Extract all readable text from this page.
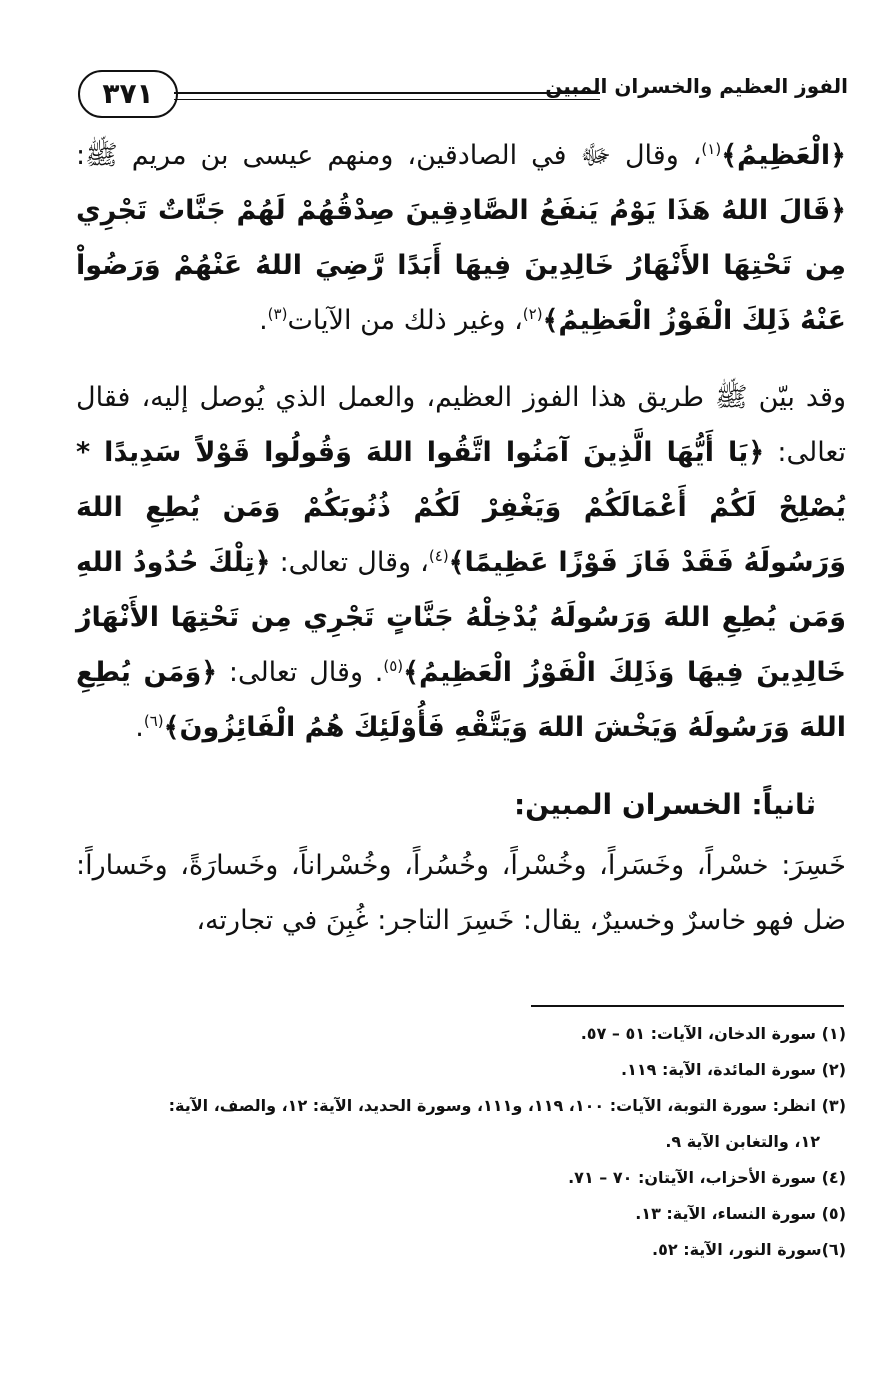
الفوز العظيم والخسران المبين
٣٧١

﴿الْعَظِيمُ﴾$^{(١)}$، وقال ﷻ في الصادقين، ومنهم عيسى بن مريم ﷺ: ﴿قَالَ اللهُ هَذَا يَوْمُ يَنفَعُ الصَّادِقِينَ صِدْقُهُمْ لَهُمْ جَنَّاتٌ تَجْرِي مِن تَحْتِهَا الأَنْهَارُ خَالِدِينَ فِيهَا أَبَدًا رَّضِيَ اللهُ عَنْهُمْ وَرَضُواْ عَنْهُ ذَلِكَ الْفَوْزُ الْعَظِيمُ﴾$^{(٢)}$، وغير ذلك من الآيات$^{(٣)}$.

وقد بيّن ﷺ طريق هذا الفوز العظيم، والعمل الذي يُوصل إليه، فقال تعالى: ﴿يَا أَيُّهَا الَّذِينَ آمَنُوا اتَّقُوا اللهَ وَقُولُوا قَوْلاً سَدِيدًا * يُصْلِحْ لَكُمْ أَعْمَالَكُمْ وَيَغْفِرْ لَكُمْ ذُنُوبَكُمْ وَمَن يُطِعِ اللهَ وَرَسُولَهُ فَقَدْ فَازَ فَوْزًا عَظِيمًا﴾$^{(٤)}$، وقال تعالى: ﴿تِلْكَ حُدُودُ اللهِ وَمَن يُطِعِ اللهَ وَرَسُولَهُ يُدْخِلْهُ جَنَّاتٍ تَجْرِي مِن تَحْتِهَا الأَنْهَارُ خَالِدِينَ فِيهَا وَذَلِكَ الْفَوْزُ الْعَظِيمُ﴾$^{(٥)}$. وقال تعالى: ﴿وَمَن يُطِعِ اللهَ وَرَسُولَهُ وَيَخْشَ اللهَ وَيَتَّقْهِ فَأُوْلَئِكَ هُمُ الْفَائِزُونَ﴾$^{(٦)}$.

ثانياً: الخسران المبين:

خَسِرَ: خسْراً، وخَسَراً، وخُسْراً، وخُسُراً، وخُسْراناً، وخَسارَةً، وخَساراً: ضل فهو خاسرٌ وخسيرٌ، يقال: خَسِرَ التاجر: غُبِنَ في تجارته،

(١) سورة الدخان، الآيات: ٥١ – ٥٧.

(٢) سورة المائدة، الآية: ١١٩.

(٣) انظر: سورة التوبة، الآيات: ١٠٠، ١١٩، و١١١، وسورة الحديد، الآية: ١٢، والصف، الآية:

١٢، والتغابن الآية ٩.

(٤) سورة الأحزاب، الآيتان: ٧٠ – ٧١.

(٥) سورة النساء، الآية: ١٣.

(٦)سورة النور، الآية: ٥٢.
